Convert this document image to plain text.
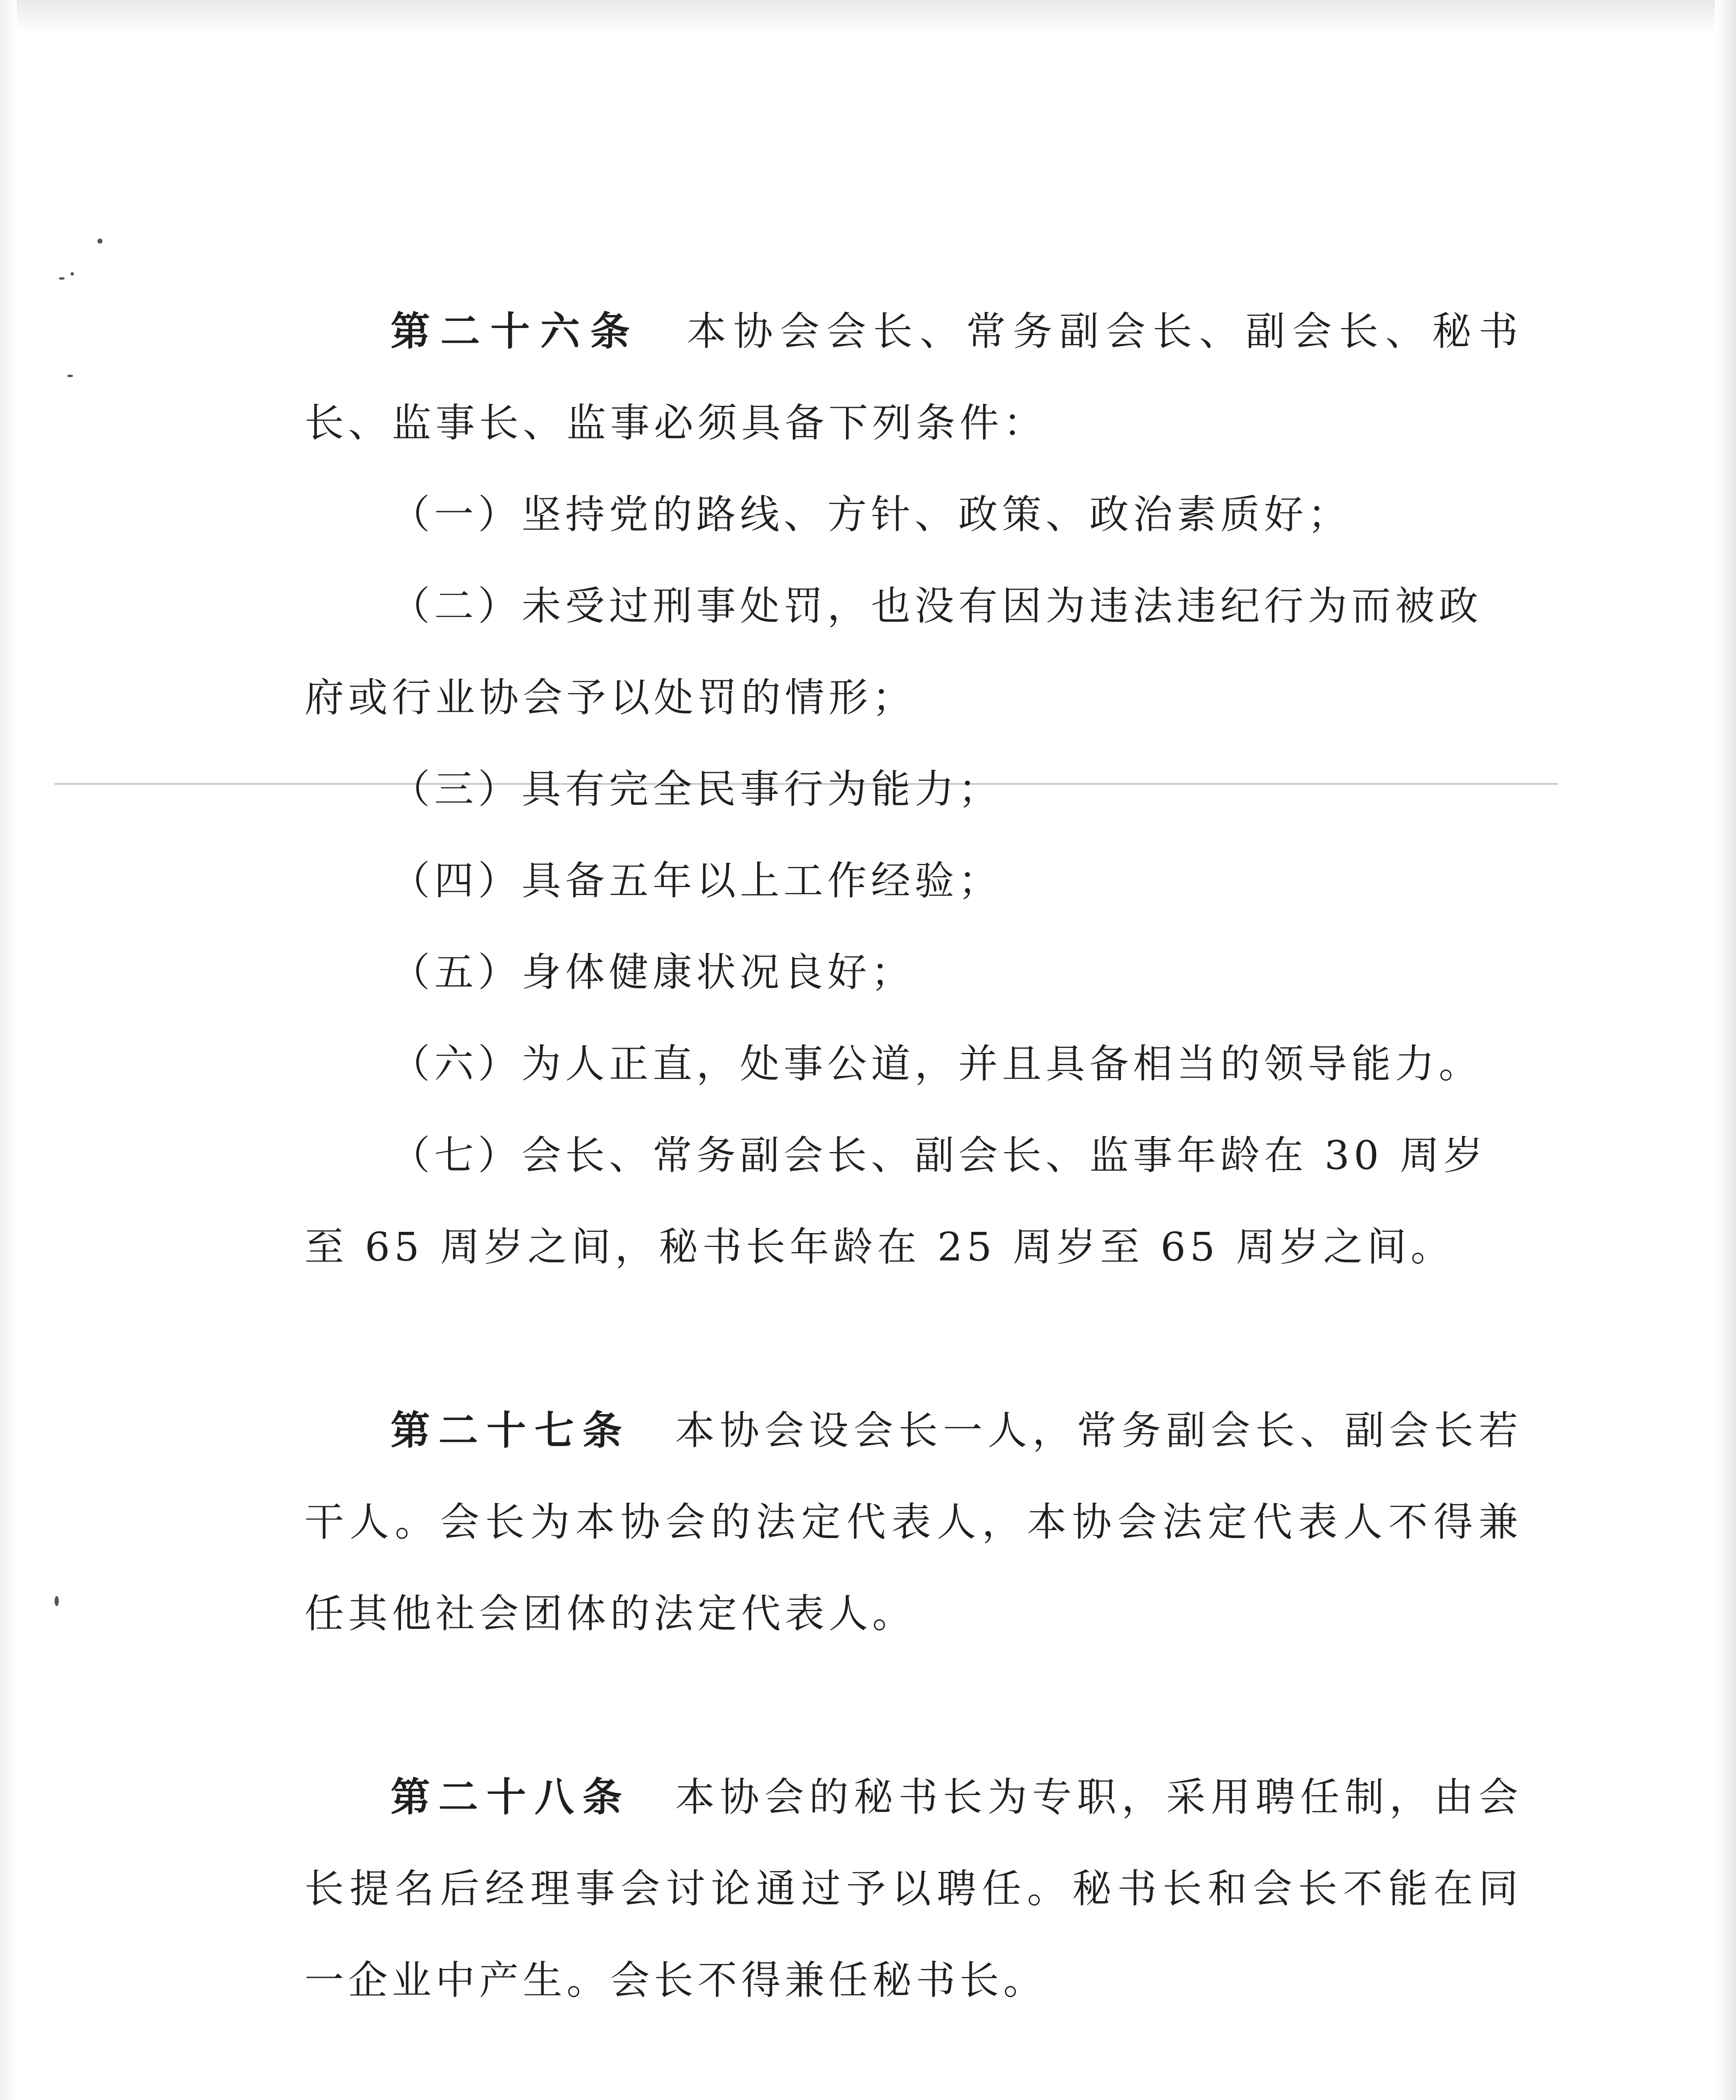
第二十六条　 本协会会长、常务副会长、副会长、秘书长、监事长、监事必须具备下列条件：

（一）坚持党的路线、方针、政策、政治素质好；

（二）未受过刑事处罚，也没有因为违法违纪行为而被政府或行业协会予以处罚的情形；

（三）具有完全民事行为能力；

（四）具备五年以上工作经验；

（五）身体健康状况良好；

（六）为人正直，处事公道，并且具备相当的领导能力。

（七）会长、常务副会长、副会长、监事年龄在 30 周岁至 65 周岁之间，秘书长年龄在 25 周岁至 65 周岁之间。

第二十七条　 本协会设会长一人，常务副会长、副会长若干人。会长为本协会的法定代表人，本协会法定代表人不得兼任其他社会团体的法定代表人。

第二十八条　 本协会的秘书长为专职，采用聘任制，由会长提名后经理事会讨论通过予以聘任。秘书长和会长不能在同一企业中产生。会长不得兼任秘书长。
